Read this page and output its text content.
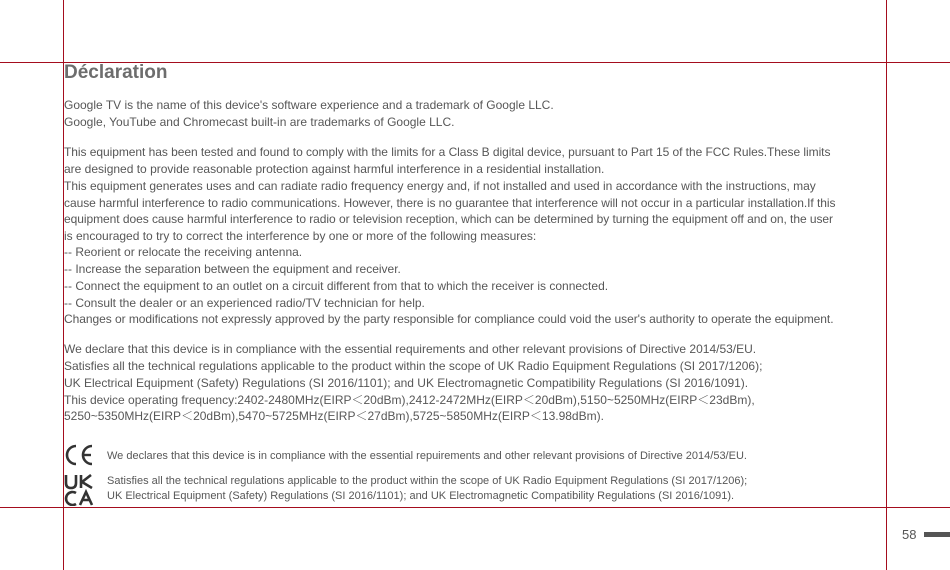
Déclaration
Google TV is the name of this device's software experience and a trademark of Google LLC.
Google, YouTube and Chromecast built-in are trademarks of Google LLC.
This equipment has been tested and found to comply with the limits for a Class B digital device, pursuant to Part 15 of the FCC Rules.These limits
are designed to provide reasonable protection against harmful interference in a residential installation.
This equipment generates uses and can radiate radio frequency energy and, if not installed and used in accordance with the instructions, may
cause harmful interference to radio communications. However, there is no guarantee that interference will not occur in a particular installation.If this
equipment does cause harmful interference to radio or television reception, which can be determined by turning the equipment off and on, the user
is encouraged to try to correct the interference by one or more of the following measures:
-- Reorient or relocate the receiving antenna.
-- Increase the separation between the equipment and receiver.
-- Connect the equipment to an outlet on a circuit different from that to which the receiver is connected.
-- Consult the dealer or an experienced radio/TV technician for help.
Changes or modifications not expressly approved by the party responsible for compliance could void the user's authority to operate the equipment.
We declare that this device is in compliance with the essential requirements and other relevant provisions of Directive 2014/53/EU.
Satisfies all the technical regulations applicable to the product within the scope of UK Radio Equipment Regulations (SI 2017/1206);
UK Electrical Equipment (Safety) Regulations (SI 2016/1101); and UK Electromagnetic Compatibility Regulations (SI 2016/1091).
This device operating frequency:2402-2480MHz(EIRP＜20dBm),2412-2472MHz(EIRP＜20dBm),5150~5250MHz(EIRP＜23dBm),
5250~5350MHz(EIRP＜20dBm),5470~5725MHz(EIRP＜27dBm),5725~5850MHz(EIRP＜13.98dBm).
We declares that this device is in compliance with the essential repuirements and other relevant provisions of Directive 2014/53/EU.
Satisfies all the technical regulations applicable to the product within the scope of UK Radio Equipment Regulations (SI 2017/1206);
UK Electrical Equipment (Safety) Regulations (SI 2016/1101); and UK Electromagnetic Compatibility Regulations (SI 2016/1091).
58
